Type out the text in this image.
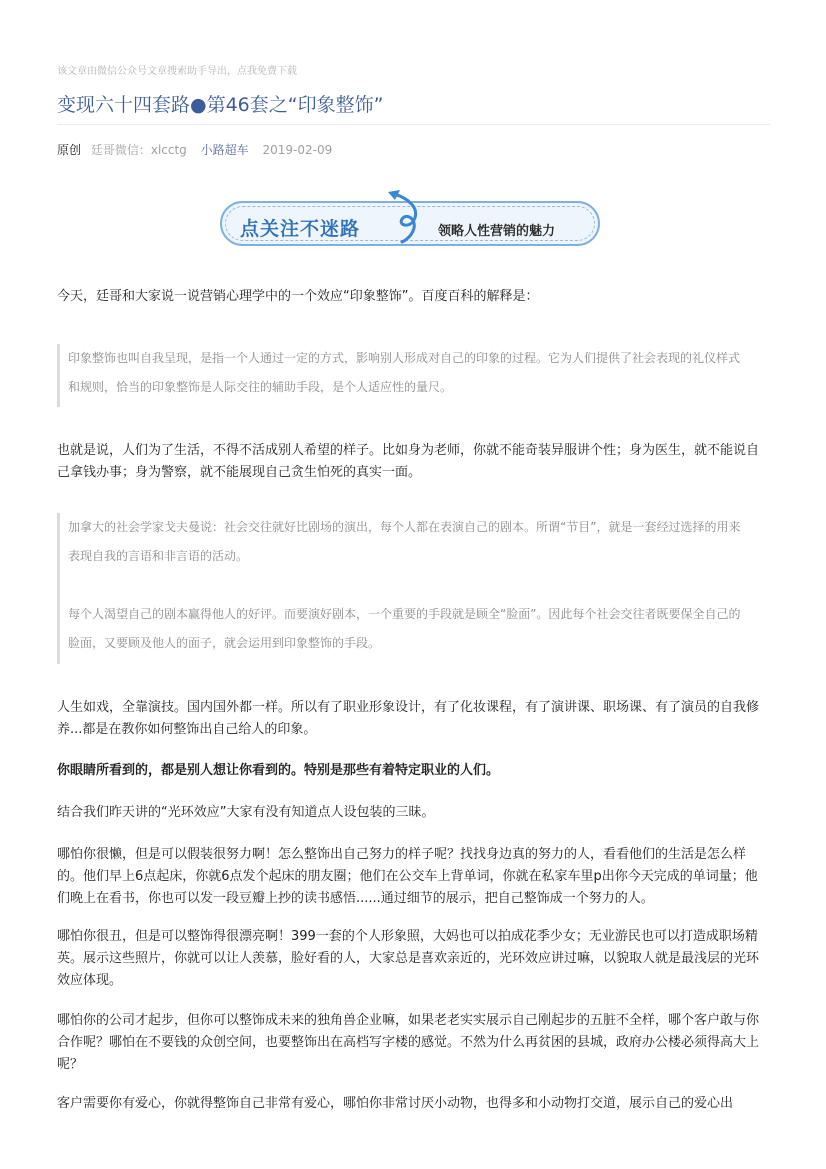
该文章由微信公众号文章搜索助手导出，点我免费下载
变现六十四套路●第46套之“印象整饰”
原创 廷哥微信：xlcctg 小路超车 2019-02-09
点关注不迷路	领略人性营销的魅力

今天，廷哥和大家说一说营销心理学中的一个效应“印象整饰”。百度百科的解释是：

印象整饰也叫自我呈现，是指一个人通过一定的方式，影响别人形成对自己的印象的过程。它为人们提供了社会表现的礼仪样式

和规则，恰当的印象整饰是人际交往的辅助手段，是个人适应性的量尺。

也就是说，人们为了生活，不得不活成别人希望的样子。比如身为老师，你就不能奇装异服讲个性；身为医生，就不能说自己拿钱办事；身为警察，就不能展现自己贪生怕死的真实一面。

加拿大的社会学家戈夫曼说：社会交往就好比剧场的演出，每个人都在表演自己的剧本。所谓“节目”，就是一套经过选择的用来

表现自我的言语和非言语的活动。

每个人渴望自己的剧本赢得他人的好评。而要演好剧本，一个重要的手段就是顾全“脸面”。因此每个社会交往者既要保全自己的

脸面，又要顾及他人的面子，就会运用到印象整饰的手段。

人生如戏，全靠演技。国内国外都一样。所以有了职业形象设计，有了化妆课程，有了演讲课、职场课、有了演员的自我修养...都是在教你如何整饰出自己给人的印象。

你眼睛所看到的，都是别人想让你看到的。特别是那些有着特定职业的人们。

结合我们昨天讲的“光环效应”大家有没有知道点人设包装的三昧。

哪怕你很懒，但是可以假装很努力啊！怎么整饰出自己努力的样子呢？找找身边真的努力的人，看看他们的生活是怎么样的。他们早上6点起床，你就6点发个起床的朋友圈；他们在公交车上背单词，你就在私家车里p出你今天完成的单词量；他们晚上在看书，你也可以发一段豆瓣上抄的读书感悟......通过细节的展示，把自己整饰成一个努力的人。

哪怕你很丑，但是可以整饰得很漂亮啊！399一套的个人形象照，大妈也可以拍成花季少女；无业游民也可以打造成职场精英。展示这些照片，你就可以让人羡慕，脸好看的人，大家总是喜欢亲近的，光环效应讲过嘛，以貌取人就是最浅层的光环效应体现。

哪怕你的公司才起步，但你可以整饰成未来的独角兽企业嘛，如果老老实实展示自己刚起步的五脏不全样，哪个客户敢与你合作呢？哪怕在不要钱的众创空间，也要整饰出在高档写字楼的感觉。不然为什么再贫困的县城，政府办公楼必须得高大上呢？

客户需要你有爱心，你就得整饰自己非常有爱心，哪怕你非常讨厌小动物，也得多和小动物打交道，展示自己的爱心出
